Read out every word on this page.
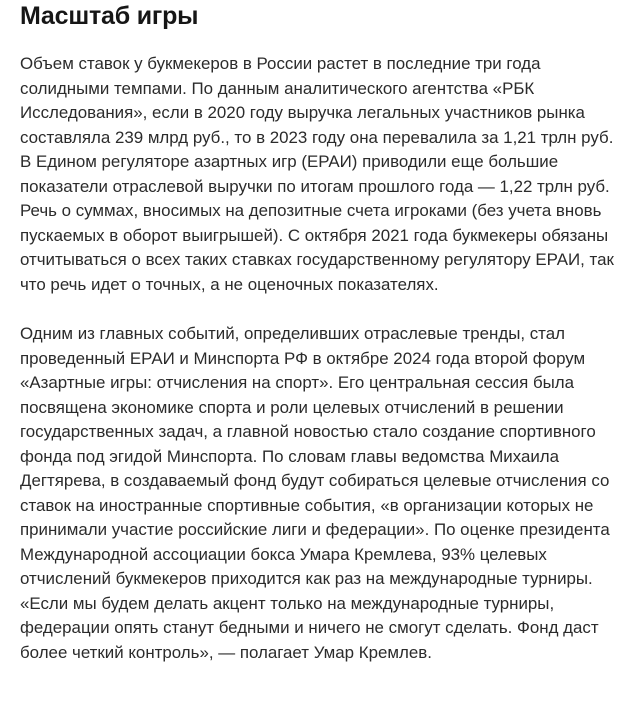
Масштаб игры

Объем ставок у букмекеров в России растет в последние три года солидными темпами. По данным аналитического агентства «РБК Исследования», если в 2020 году выручка легальных участников рынка составляла 239 млрд руб., то в 2023 году она перевалила за 1,21 трлн руб. В Едином регуляторе азартных игр (ЕРАИ) приводили еще большие показатели отраслевой выручки по итогам прошлого года — 1,22 трлн руб. Речь о суммах, вносимых на депозитные счета игроками (без учета вновь пускаемых в оборот выигрышей). С октября 2021 года букмекеры обязаны отчитываться о всех таких ставках государственному регулятору ЕРАИ, так что речь идет о точных, а не оценочных показателях.

Одним из главных событий, определивших отраслевые тренды, стал проведенный ЕРАИ и Минспорта РФ в октябре 2024 года второй форум «Азартные игры: отчисления на спорт». Его центральная сессия была посвящена экономике спорта и роли целевых отчислений в решении государственных задач, а главной новостью стало создание спортивного фонда под эгидой Минспорта. По словам главы ведомства Михаила Дегтярева, в создаваемый фонд будут собираться целевые отчисления со ставок на иностранные спортивные события, «в организации которых не принимали участие российские лиги и федерации». По оценке президента Международной ассоциации бокса Умара Кремлева, 93% целевых отчислений букмекеров приходится как раз на международные турниры. «Если мы будем делать акцент только на международные турниры, федерации опять станут бедными и ничего не смогут сделать. Фонд даст более четкий контроль», — полагает Умар Кремлев.
